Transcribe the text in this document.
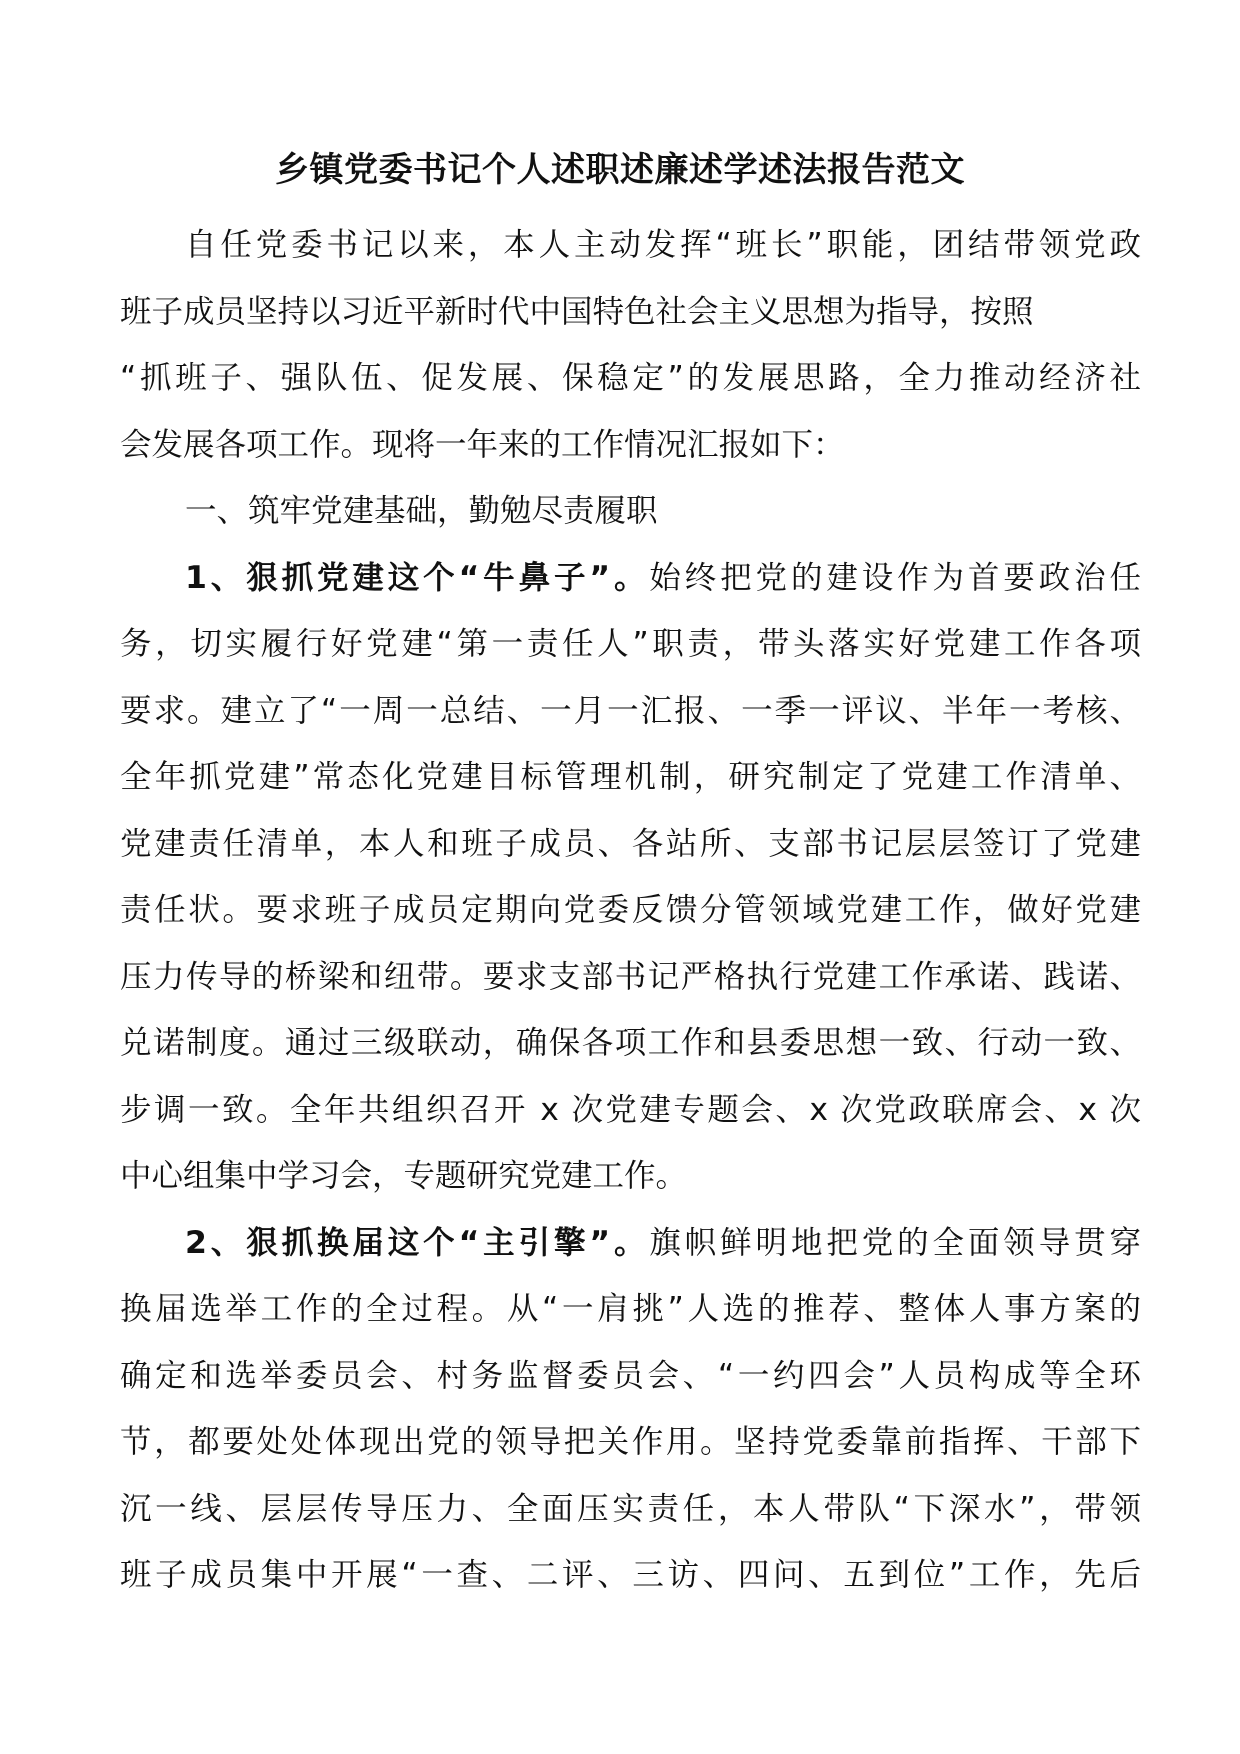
乡镇党委书记个人述职述廉述学述法报告范文
自任党委书记以来，本人主动发挥“班长”职能，团结带领党政
班子成员坚持以习近平新时代中国特色社会主义思想为指导，按照
“抓班子、强队伍、促发展、保稳定”的发展思路，全力推动经济社
会发展各项工作。现将一年来的工作情况汇报如下：
一、筑牢党建基础，勤勉尽责履职
1、狠抓党建这个“牛鼻子”。始终把党的建设作为首要政治任
务，切实履行好党建“第一责任人”职责，带头落实好党建工作各项
要求。建立了“一周一总结、一月一汇报、一季一评议、半年一考核、
全年抓党建”常态化党建目标管理机制，研究制定了党建工作清单、
党建责任清单，本人和班子成员、各站所、支部书记层层签订了党建
责任状。要求班子成员定期向党委反馈分管领域党建工作，做好党建
压力传导的桥梁和纽带。要求支部书记严格执行党建工作承诺、践诺、
兑诺制度。通过三级联动，确保各项工作和县委思想一致、行动一致、
步调一致。全年共组织召开 x 次党建专题会、x 次党政联席会、x 次
中心组集中学习会，专题研究党建工作。
2、狠抓换届这个“主引擎”。旗帜鲜明地把党的全面领导贯穿
换届选举工作的全过程。从“一肩挑”人选的推荐、整体人事方案的
确定和选举委员会、村务监督委员会、“一约四会”人员构成等全环
节，都要处处体现出党的领导把关作用。坚持党委靠前指挥、干部下
沉一线、层层传导压力、全面压实责任，本人带队“下深水”，带领
班子成员集中开展“一查、二评、三访、四问、五到位”工作，先后
